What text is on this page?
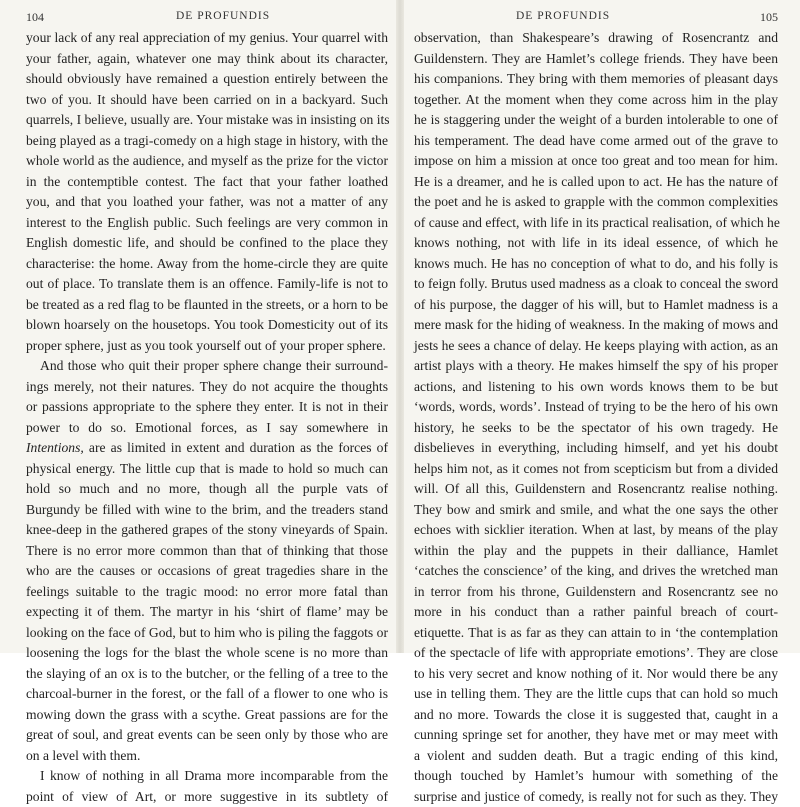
104	DE PROFUNDIS
your lack of any real appreciation of my genius. Your quarrel with
your father, again, whatever one may think about its character,
should obviously have remained a question entirely between the
two of you. It should have been carried on in a backyard. Such
quarrels, I believe, usually are. Your mistake was in insisting on its
being played as a tragi-comedy on a high stage in history, with the
whole world as the audience, and myself as the prize for the victor
in the contemptible contest. The fact that your father loathed
you, and that you loathed your father, was not a matter of any
interest to the English public. Such feelings are very common in
English domestic life, and should be confined to the place they
characterise: the home. Away from the home-circle they are quite
out of place. To translate them is an offence. Family-life is not to
be treated as a red flag to be flaunted in the streets, or a horn to be
blown hoarsely on the housetops. You took Domesticity out of its
proper sphere, just as you took yourself out of your proper sphere.
And those who quit their proper sphere change their surround-
ings merely, not their natures. They do not acquire the thoughts
or passions appropriate to the sphere they enter. It is not in their
power to do so. Emotional forces, as I say somewhere in
Intentions, are as limited in extent and duration as the forces of
physical energy. The little cup that is made to hold so much can
hold so much and no more, though all the purple vats of
Burgundy be filled with wine to the brim, and the treaders stand
knee-deep in the gathered grapes of the stony vineyards of Spain.
There is no error more common than that of thinking that those
who are the causes or occasions of great tragedies share in the
feelings suitable to the tragic mood: no error more fatal than
expecting it of them. The martyr in his ‘shirt of flame’ may be
looking on the face of God, but to him who is piling the faggots or
loosening the logs for the blast the whole scene is no more than
the slaying of an ox is to the butcher, or the felling of a tree to the
charcoal-burner in the forest, or the fall of a flower to one who is
mowing down the grass with a scythe. Great passions are for the
great of soul, and great events can be seen only by those who are
on a level with them.
I know of nothing in all Drama more incomparable from the
point of view of Art, or more suggestive in its subtlety of
DE PROFUNDIS	105
observation, than Shakespeare’s drawing of Rosencrantz and
Guildenstern. They are Hamlet’s college friends. They have been
his companions. They bring with them memories of pleasant days
together. At the moment when they come across him in the play
he is staggering under the weight of a burden intolerable to one of
his temperament. The dead have come armed out of the grave to
impose on him a mission at once too great and too mean for him.
He is a dreamer, and he is called upon to act. He has the nature of
the poet and he is asked to grapple with the common complexities
of cause and effect, with life in its practical realisation, of which he
knows nothing, not with life in its ideal essence, of which he
knows much. He has no conception of what to do, and his folly is
to feign folly. Brutus used madness as a cloak to conceal the sword
of his purpose, the dagger of his will, but to Hamlet madness is a
mere mask for the hiding of weakness. In the making of mows and
jests he sees a chance of delay. He keeps playing with action, as an
artist plays with a theory. He makes himself the spy of his proper
actions, and listening to his own words knows them to be but
‘words, words, words’. Instead of trying to be the hero of his own
history, he seeks to be the spectator of his own tragedy. He
disbelieves in everything, including himself, and yet his doubt
helps him not, as it comes not from scepticism but from a divided
will. Of all this, Guildenstern and Rosencrantz realise nothing.
They bow and smirk and smile, and what the one says the other
echoes with sicklier iteration. When at last, by means of the play
within the play and the puppets in their dalliance, Hamlet
‘catches the conscience’ of the king, and drives the wretched man
in terror from his throne, Guildenstern and Rosencrantz see no
more in his conduct than a rather painful breach of court-
etiquette. That is as far as they can attain to in ‘the contemplation
of the spectacle of life with appropriate emotions’. They are close
to his very secret and know nothing of it. Nor would there be any
use in telling them. They are the little cups that can hold so much
and no more. Towards the close it is suggested that, caught in a
cunning springe set for another, they have met or may meet with
a violent and sudden death. But a tragic ending of this kind,
though touched by Hamlet’s humour with something of the
surprise and justice of comedy, is really not for such as they. They
